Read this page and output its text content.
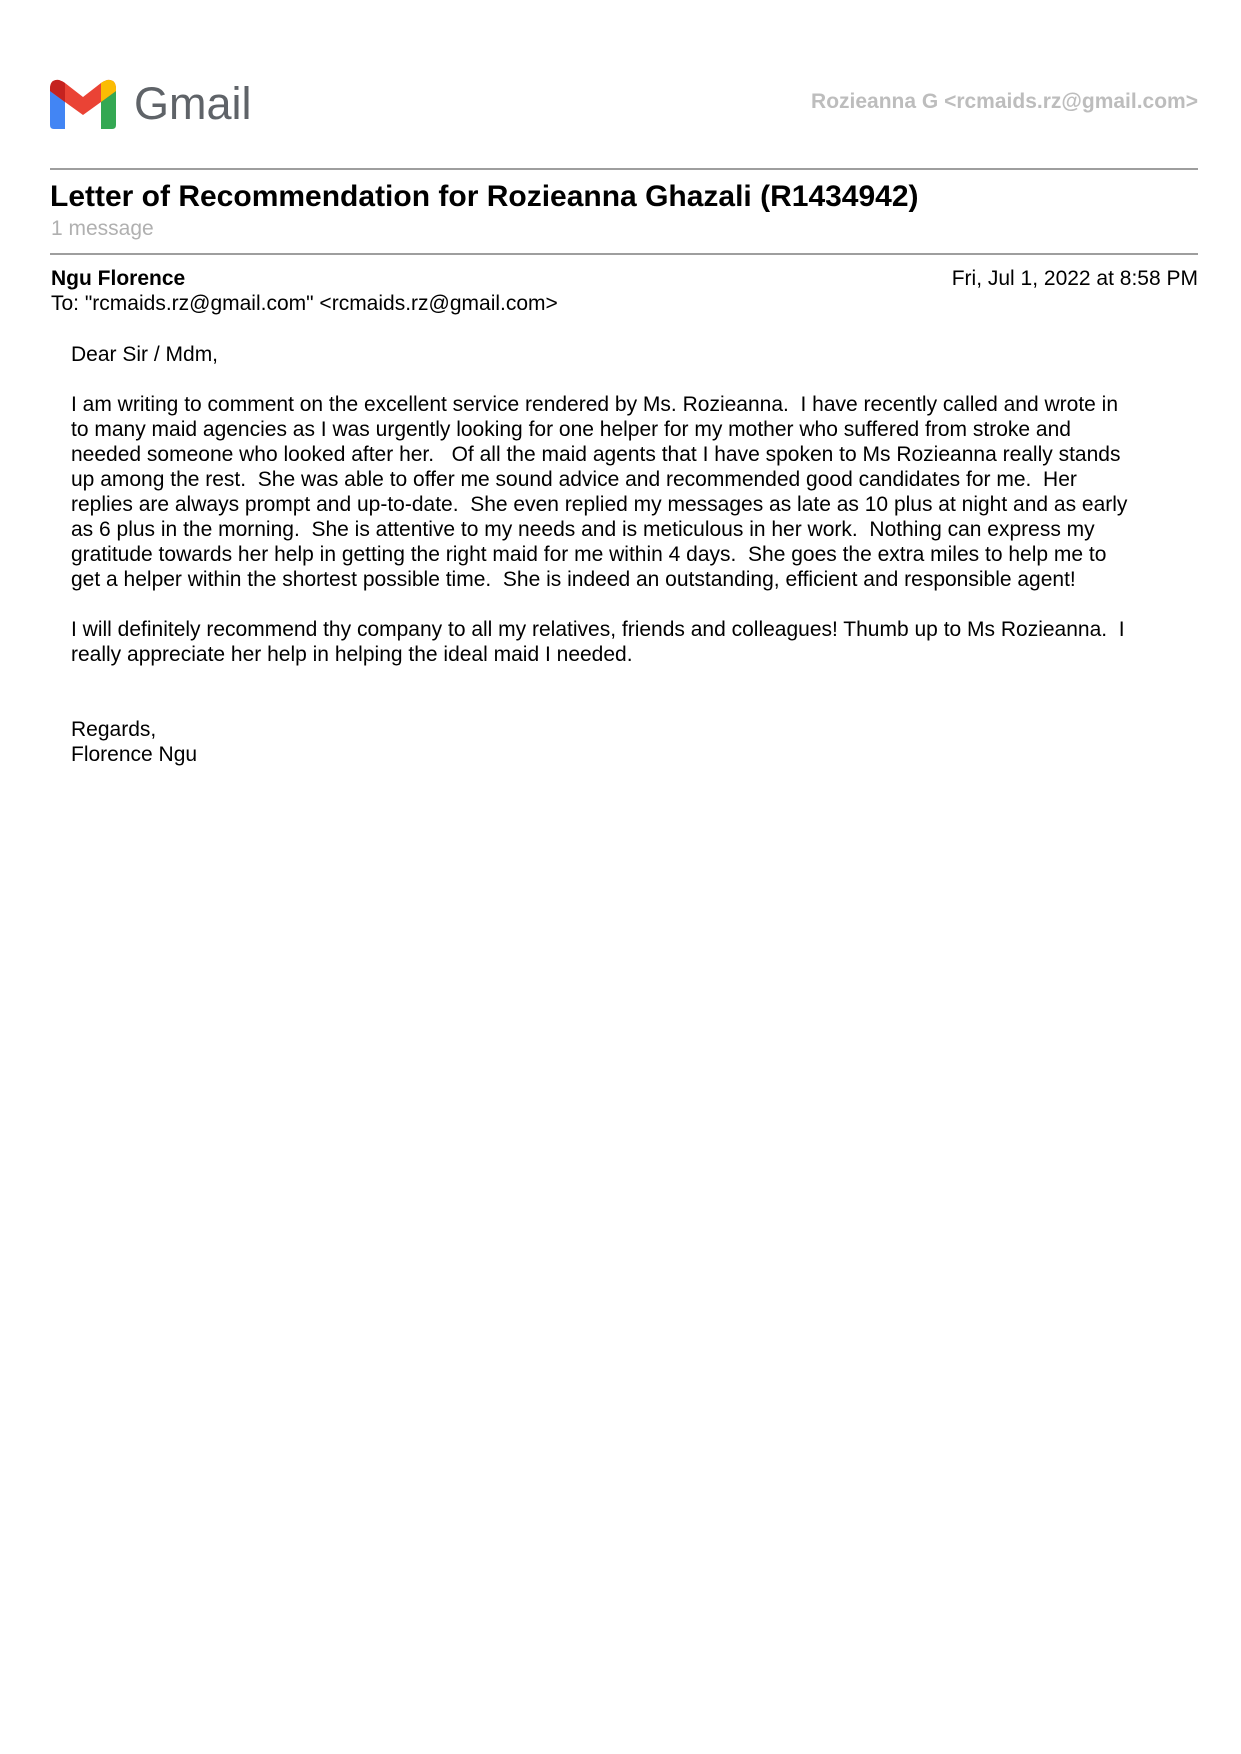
Gmail	Rozieanna G <rcmaids.rz@gmail.com>
Letter of Recommendation for Rozieanna Ghazali (R1434942)
1 message
Ngu Florence	Fri, Jul 1, 2022 at 8:58 PM
To: "rcmaids.rz@gmail.com" <rcmaids.rz@gmail.com>
Dear Sir / Mdm,
I am writing to comment on the excellent service rendered by Ms. Rozieanna.  I have recently called and wrote in
to many maid agencies as I was urgently looking for one helper for my mother who suffered from stroke and
needed someone who looked after her.   Of all the maid agents that I have spoken to Ms Rozieanna really stands
up among the rest.  She was able to offer me sound advice and recommended good candidates for me.  Her
replies are always prompt and up-to-date.  She even replied my messages as late as 10 plus at night and as early
as 6 plus in the morning.  She is attentive to my needs and is meticulous in her work.  Nothing can express my
gratitude towards her help in getting the right maid for me within 4 days.  She goes the extra miles to help me to
get a helper within the shortest possible time.  She is indeed an outstanding, efficient and responsible agent!
I will definitely recommend thy company to all my relatives, friends and colleagues! Thumb up to Ms Rozieanna.  I
really appreciate her help in helping the ideal maid I needed.
Regards,
Florence Ngu
